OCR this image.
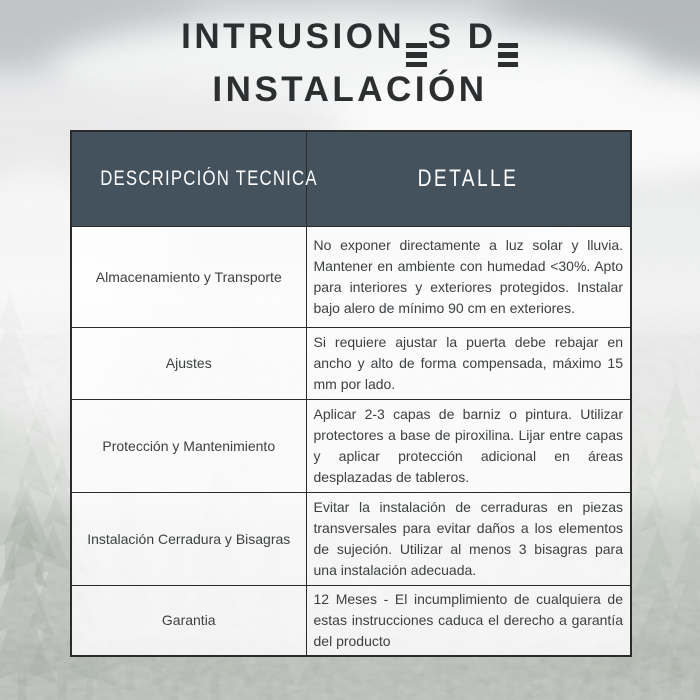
INTRUSION S D
INSTALACIÓN
DESCRIPCIÓN TECNICA	DETALLE
Almacenamiento y Transporte	No exponer directamente a luz solar y lluvia. Mantener en ambiente con humedad <30%. Apto para interiores y exteriores protegidos. Instalar bajo alero de mínimo 90 cm en exteriores.
Ajustes	Si requiere ajustar la puerta debe rebajar en ancho y alto de forma compensada, máximo 15 mm por lado.
Protección y Mantenimiento	Aplicar 2-3 capas de barniz o pintura. Utilizar protectores a base de piroxilina. Lijar entre capas y aplicar protección adicional en áreas desplazadas de tableros.
Instalación Cerradura y Bisagras	Evitar la instalación de cerraduras en piezas transversales para evitar daños a los elementos de sujeción. Utilizar al menos 3 bisagras para una instalación adecuada.
Garantia	12 Meses - El incumplimiento de cualquiera de estas instrucciones caduca el derecho a garantía del producto
